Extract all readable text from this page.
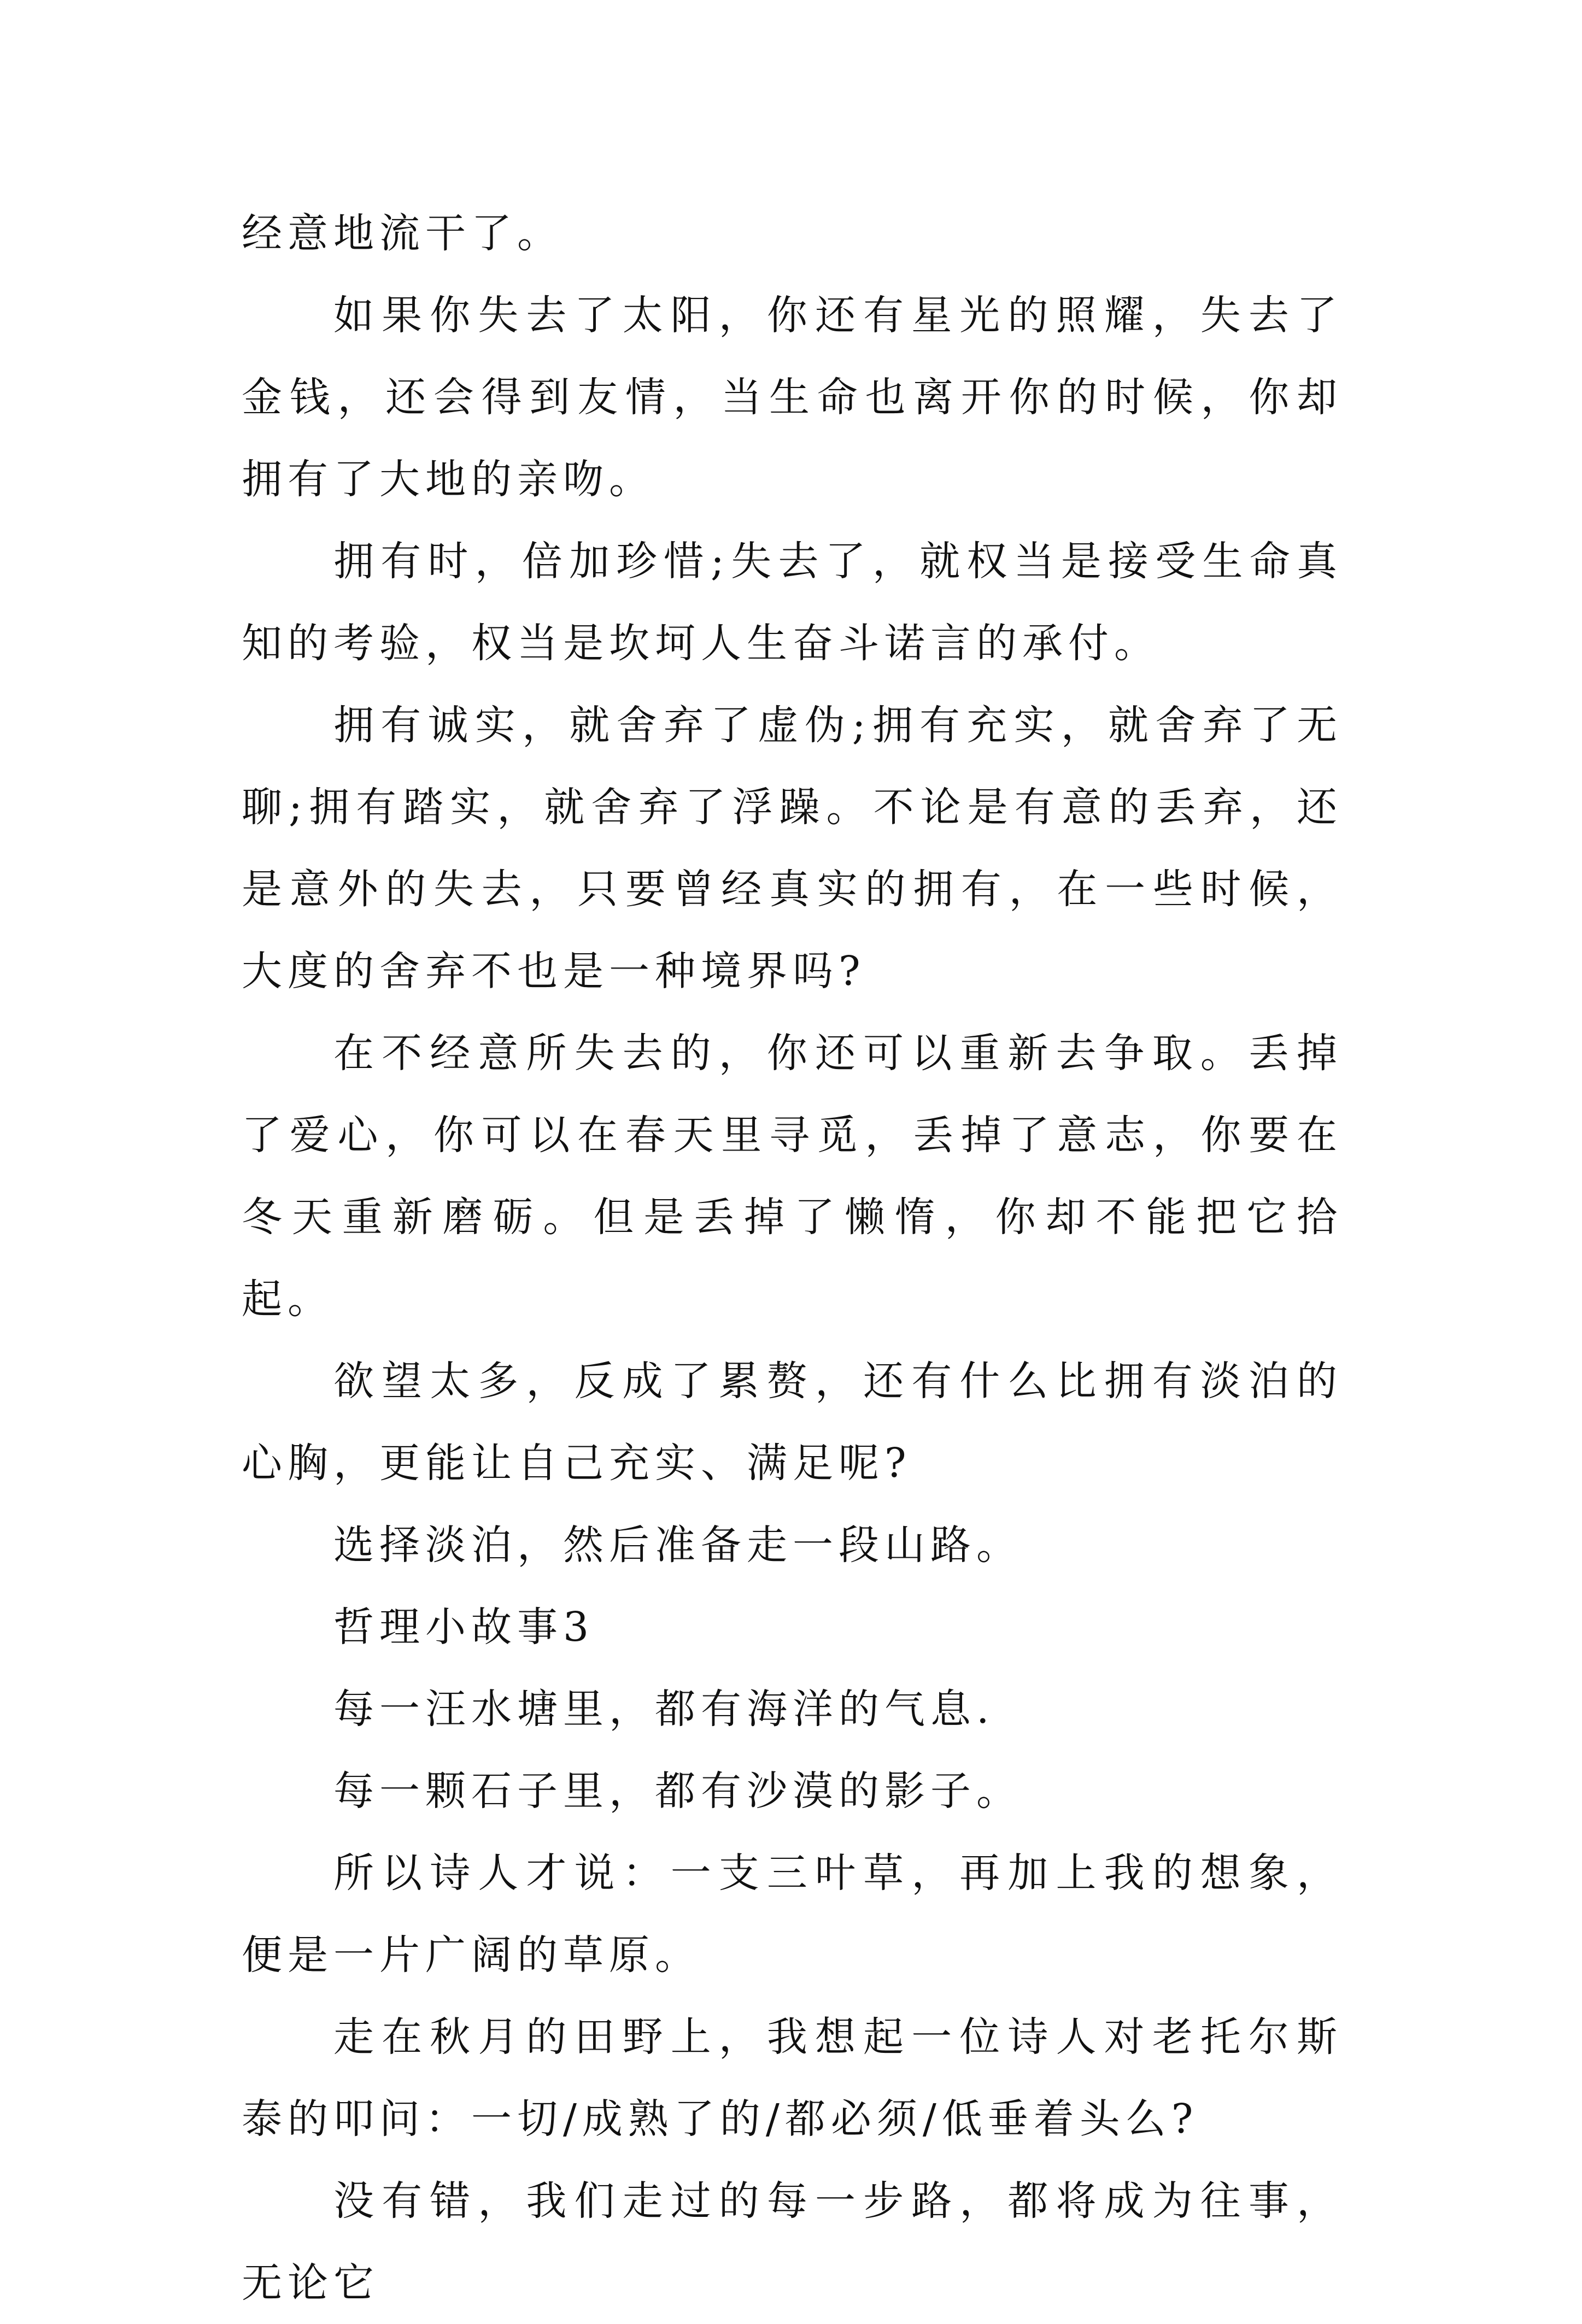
经意地流干了。

如果你失去了太阳，你还有星光的照耀，失去了金钱，还会得到友情，当生命也离开你的时候，你却拥有了大地的亲吻。

拥有时，倍加珍惜;失去了，就权当是接受生命真知的考验，权当是坎坷人生奋斗诺言的承付。

拥有诚实，就舍弃了虚伪;拥有充实，就舍弃了无聊;拥有踏实，就舍弃了浮躁。不论是有意的丢弃，还是意外的失去，只要曾经真实的拥有，在一些时候，大度的舍弃不也是一种境界吗?

在不经意所失去的，你还可以重新去争取。丢掉了爱心，你可以在春天里寻觅，丢掉了意志，你要在冬天重新磨砺。但是丢掉了懒惰，你却不能把它拾起。

欲望太多，反成了累赘，还有什么比拥有淡泊的心胸，更能让自己充实、满足呢?

选择淡泊，然后准备走一段山路。

哲理小故事3

每一汪水塘里，都有海洋的气息.

每一颗石子里，都有沙漠的影子。

所以诗人才说：一支三叶草，再加上我的想象，便是一片广阔的草原。

走在秋月的田野上，我想起一位诗人对老托尔斯泰的叩问：一切/成熟了的/都必须/低垂着头么?

没有错，我们走过的每一步路，都将成为往事，无论它
